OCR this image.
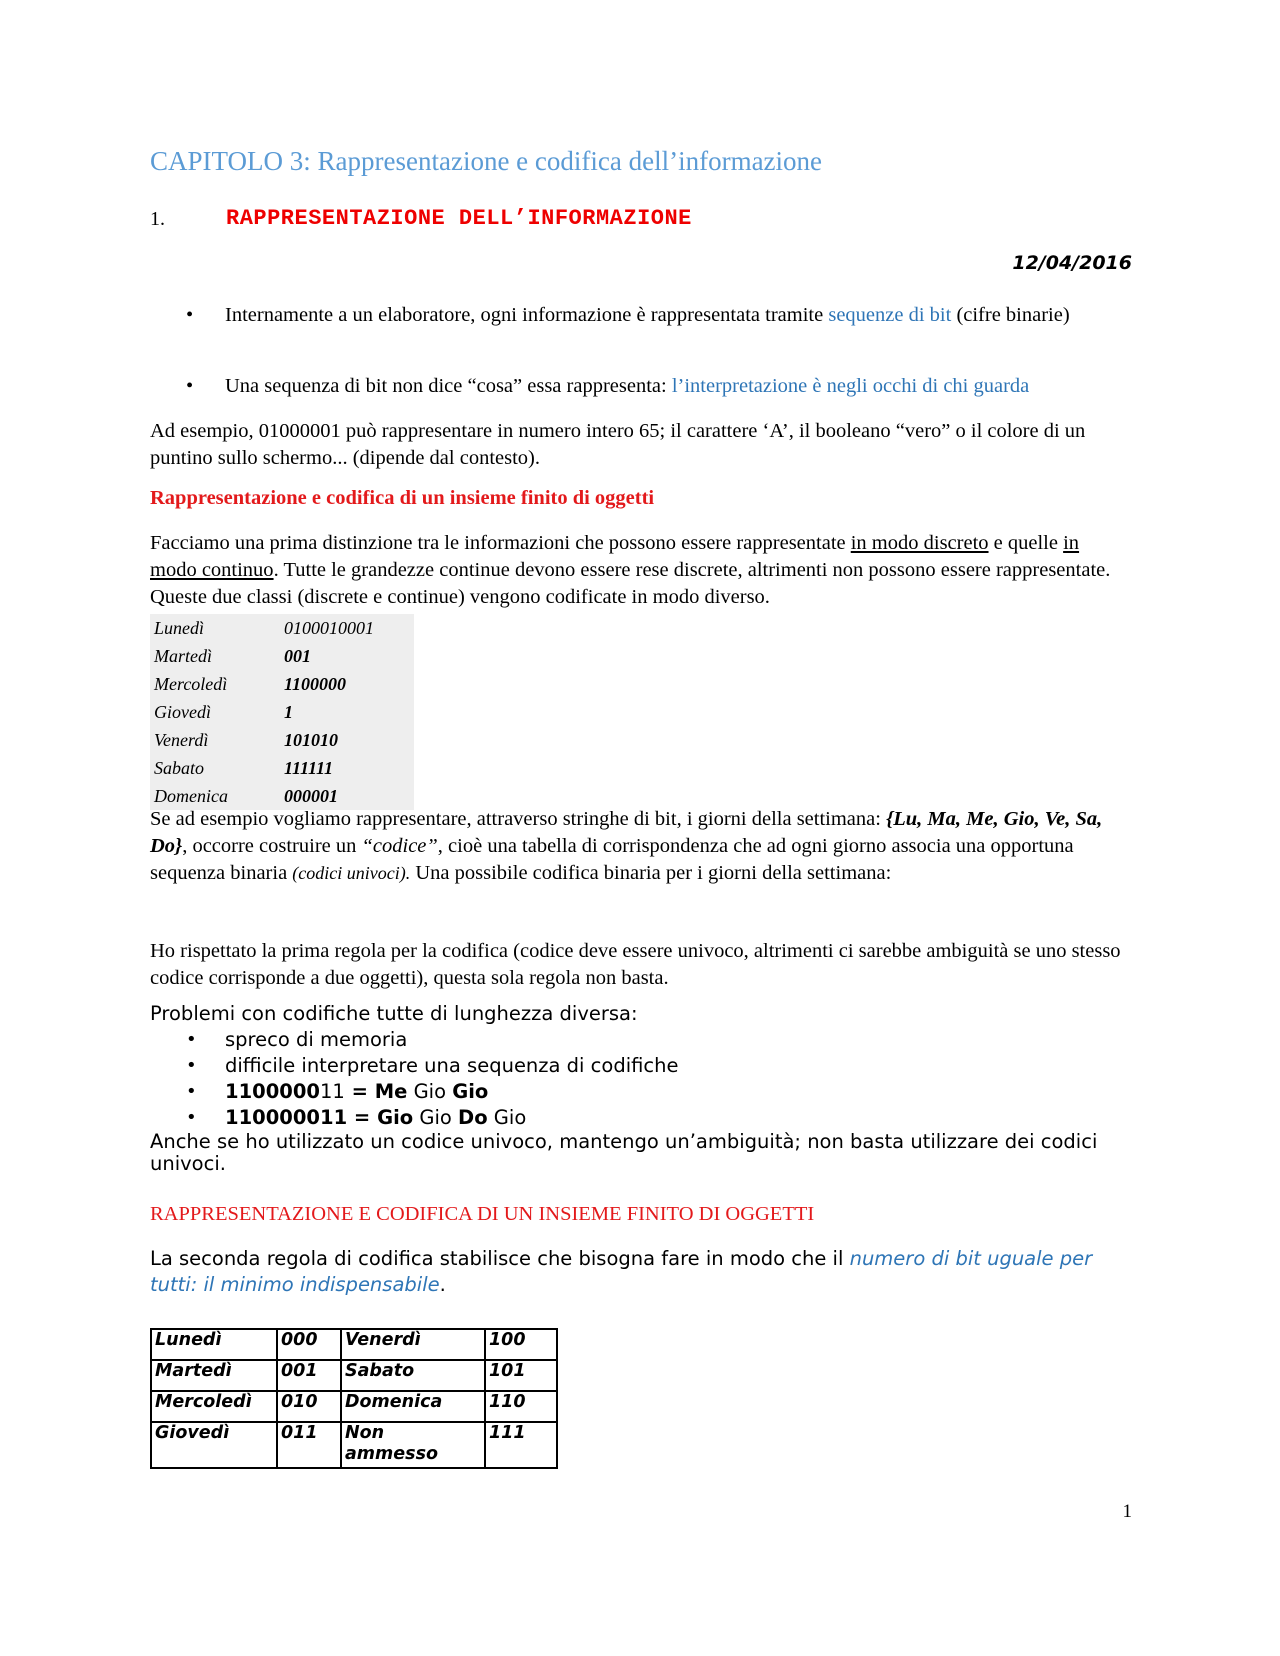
CAPITOLO 3: Rappresentazione e codifica dell’informazione
1.	RAPPRESENTAZIONE DELL’INFORMAZIONE
12/04/2016
• Internamente a un elaboratore, ogni informazione è rappresentata tramite sequenze di bit (cifre binarie)
• Una sequenza di bit non dice “cosa” essa rappresenta: l’interpretazione è negli occhi di chi guarda
Ad esempio, 01000001 può rappresentare in numero intero 65; il carattere ‘A’, il booleano “vero” o il colore di un puntino sullo schermo... (dipende dal contesto).
Rappresentazione e codifica di un insieme finito di oggetti
Facciamo una prima distinzione tra le informazioni che possono essere rappresentate in modo discreto e quelle in modo continuo. Tutte le grandezze continue devono essere rese discrete, altrimenti non possono essere rappresentate. Queste due classi (discrete e continue) vengono codificate in modo diverso.
Lunedì	0100010001
Martedì	001
Mercoledì	1100000
Giovedì	1
Venerdì	101010
Sabato	111111
Domenica	000001
Se ad esempio vogliamo rappresentare, attraverso stringhe di bit, i giorni della settimana: {Lu, Ma, Me, Gio, Ve, Sa, Do}, occorre costruire un “codice”, cioè una tabella di corrispondenza che ad ogni giorno associa una opportuna sequenza binaria (codici univoci). Una possibile codifica binaria per i giorni della settimana:
Ho rispettato la prima regola per la codifica (codice deve essere univoco, altrimenti ci sarebbe ambiguità se uno stesso codice corrisponde a due oggetti), questa sola regola non basta.
Problemi con codifiche tutte di lunghezza diversa:
• spreco di memoria
• difficile interpretare una sequenza di codifiche
• 110000011 = Me Gio Gio
• 110000011 = Gio Gio Do Gio
Anche se ho utilizzato un codice univoco, mantengo un’ambiguità; non basta utilizzare dei codici univoci.
RAPPRESENTAZIONE E CODIFICA DI UN INSIEME FINITO DI OGGETTI
La seconda regola di codifica stabilisce che bisogna fare in modo che il numero di bit uguale per tutti: il minimo indispensabile.
Lunedì	000	Venerdì	100
Martedì	001	Sabato	101
Mercoledì	010	Domenica	110
Giovedì	011	Non ammesso	111
1
